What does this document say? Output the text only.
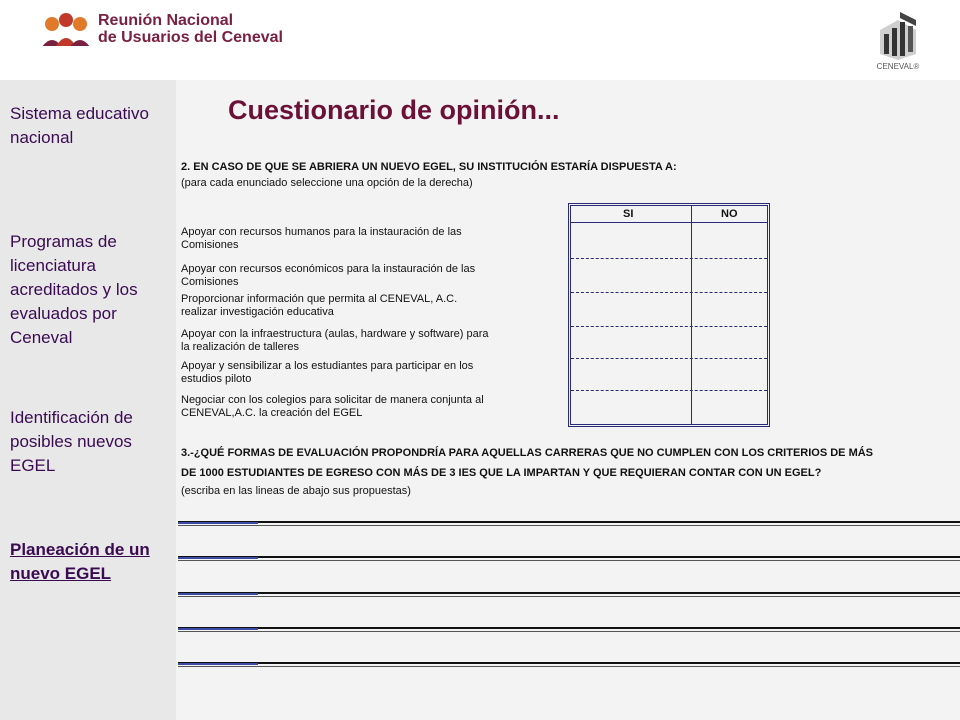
Reunión Nacional
de Usuarios del Ceneval
CENEVAL®
Sistema educativo nacional
Programas de licenciatura acreditados y los evaluados por Ceneval
Identificación de posibles nuevos EGEL
Planeación de un nuevo EGEL
Cuestionario de opinión...
2. EN CASO DE QUE SE ABRIERA UN NUEVO EGEL, SU INSTITUCIÓN ESTARÍA DISPUESTA A:
(para cada enunciado seleccione una opción de la derecha)
Apoyar con recursos humanos para la instauración de las Comisiones
Apoyar con recursos económicos para la instauración de las Comisiones
Proporcionar información que permita al CENEVAL, A.C. realizar investigación educativa
Apoyar con la infraestructura (aulas, hardware y software) para la realización de talleres
Apoyar y sensibilizar a los estudiantes para participar en los estudios piloto
Negociar con los colegios para solicitar de manera conjunta al CENEVAL,A.C. la creación del EGEL
SI	NO
3.-¿QUÉ FORMAS DE EVALUACIÓN PROPONDRÍA PARA AQUELLAS CARRERAS QUE NO CUMPLEN CON LOS CRITERIOS DE MÁS
DE 1000 ESTUDIANTES DE EGRESO CON MÁS DE 3 IES QUE LA IMPARTAN Y QUE REQUIERAN CONTAR CON UN EGEL?
(escriba en las lineas de abajo sus propuestas)
